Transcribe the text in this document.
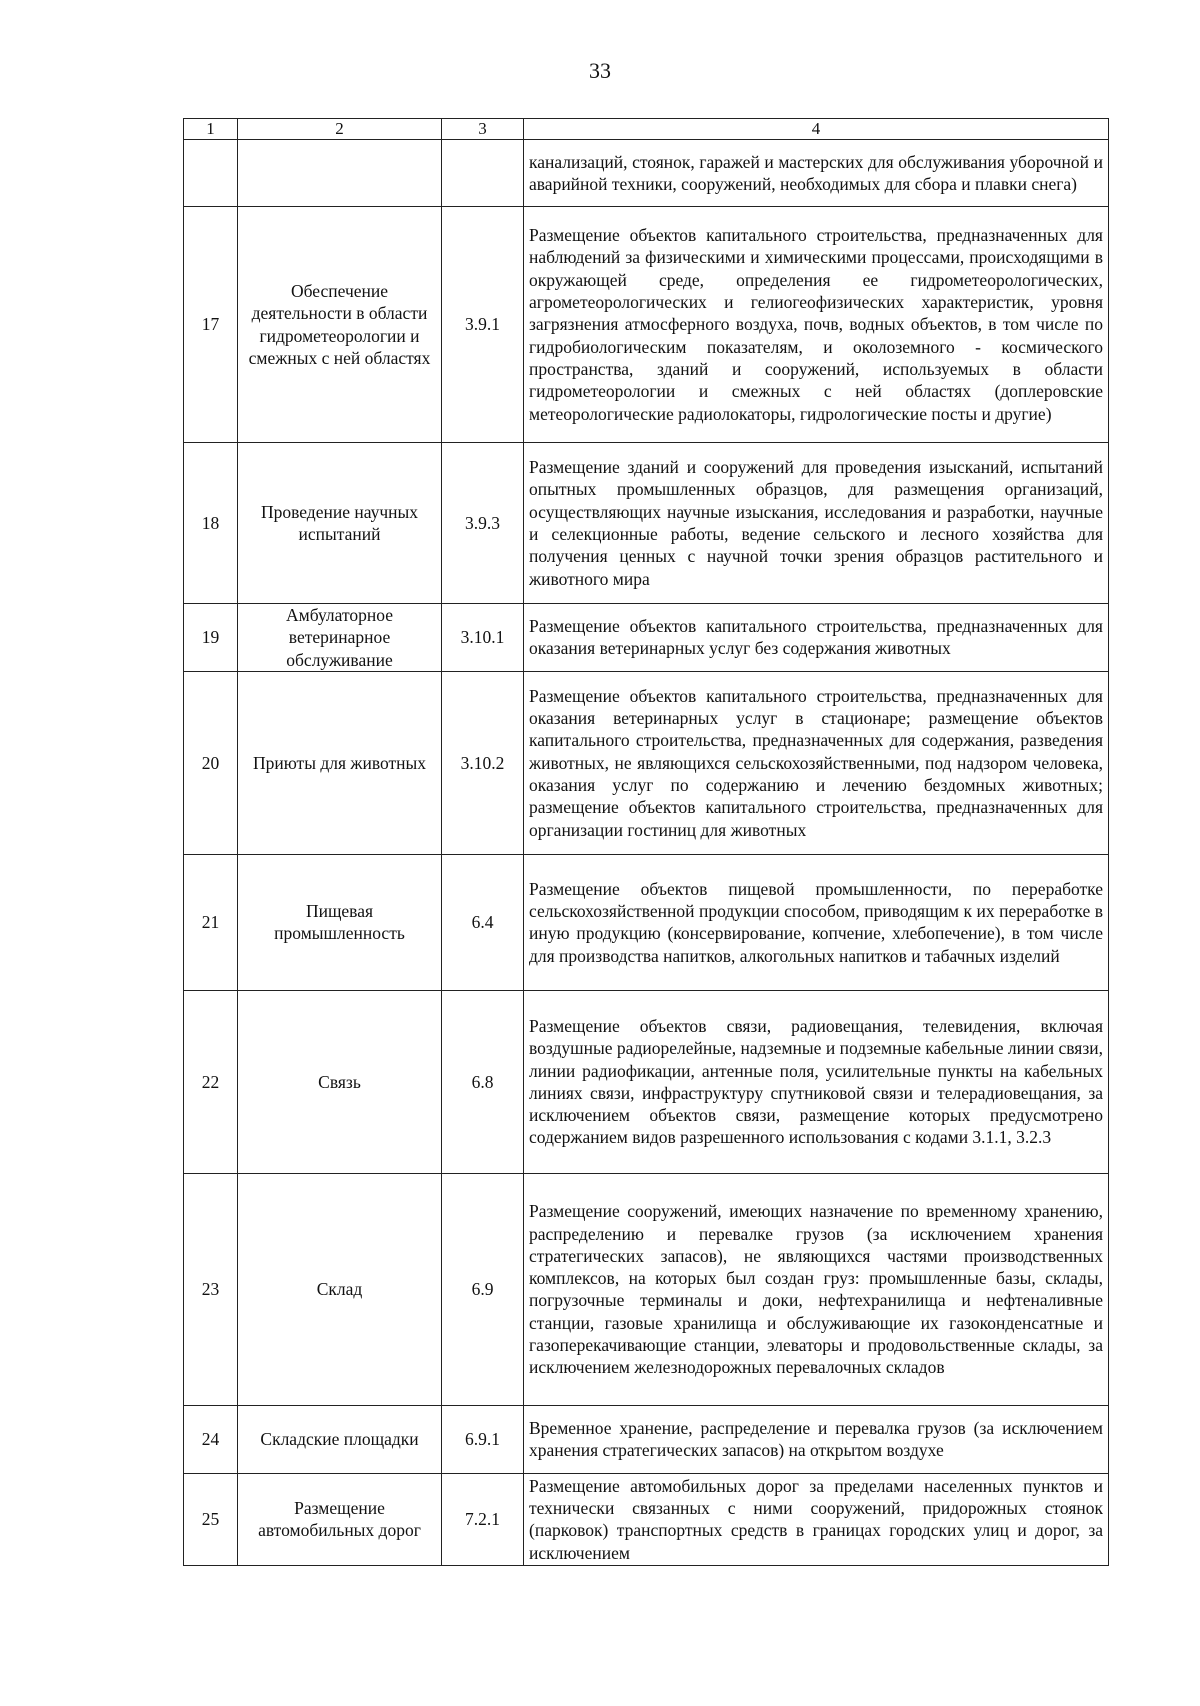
33
1	2	3	4
			канализаций, стоянок, гаражей и мастерских для обслуживания уборочной и аварийной техники, сооружений, необходимых для сбора и плавки снега)
17	Обеспечение деятельности в области гидрометеорологии и смежных с ней областях	3.9.1	Размещение объектов капитального строительства, предназначенных для наблюдений за физическими и химическими процессами, происходящими в окружающей среде, определения ее гидрометеорологических, агрометеорологических и гелиогеофизических характеристик, уровня загрязнения атмосферного воздуха, почв, водных объектов, в том числе по гидробиологическим показателям, и околоземного - космического пространства, зданий и сооружений, используемых в области гидрометеорологии и смежных с ней областях (доплеровские метеорологические радиолокаторы, гидрологические посты и другие)
18	Проведение научных испытаний	3.9.3	Размещение зданий и сооружений для проведения изысканий, испытаний опытных промышленных образцов, для размещения организаций, осуществляющих научные изыскания, исследования и разработки, научные и селекционные работы, ведение сельского и лесного хозяйства для получения ценных с научной точки зрения образцов растительного и животного мира
19	Амбулаторное ветеринарное обслуживание	3.10.1	Размещение объектов капитального строительства, предназначенных для оказания ветеринарных услуг без содержания животных
20	Приюты для животных	3.10.2	Размещение объектов капитального строительства, предназначенных для оказания ветеринарных услуг в стационаре; размещение объектов капитального строительства, предназначенных для содержания, разведения животных, не являющихся сельскохозяйственными, под надзором человека, оказания услуг по содержанию и лечению бездомных животных; размещение объектов капитального строительства, предназначенных для организации гостиниц для животных
21	Пищевая промышленность	6.4	Размещение объектов пищевой промышленности, по переработке сельскохозяйственной продукции способом, приводящим к их переработке в иную продукцию (консервирование, копчение, хлебопечение), в том числе для производства напитков, алкогольных напитков и табачных изделий
22	Связь	6.8	Размещение объектов связи, радиовещания, телевидения, включая воздушные радиорелейные, надземные и подземные кабельные линии связи, линии радиофикации, антенные поля, усилительные пункты на кабельных линиях связи, инфраструктуру спутниковой связи и телерадиовещания, за исключением объектов связи, размещение которых предусмотрено содержанием видов разрешенного использования с кодами 3.1.1, 3.2.3
23	Склад	6.9	Размещение сооружений, имеющих назначение по временному хранению, распределению и перевалке грузов (за исключением хранения стратегических запасов), не являющихся частями производственных комплексов, на которых был создан груз: промышленные базы, склады, погрузочные терминалы и доки, нефтехранилища и нефтеналивные станции, газовые хранилища и обслуживающие их газоконденсатные и газоперекачивающие станции, элеваторы и продовольственные склады, за исключением железнодорожных перевалочных складов
24	Складские площадки	6.9.1	Временное хранение, распределение и перевалка грузов (за исключением хранения стратегических запасов) на открытом воздухе
25	Размещение автомобильных дорог	7.2.1	Размещение автомобильных дорог за пределами населенных пунктов и технически связанных с ними сооружений, придорожных стоянок (парковок) транспортных средств в границах городских улиц и дорог, за исключением
